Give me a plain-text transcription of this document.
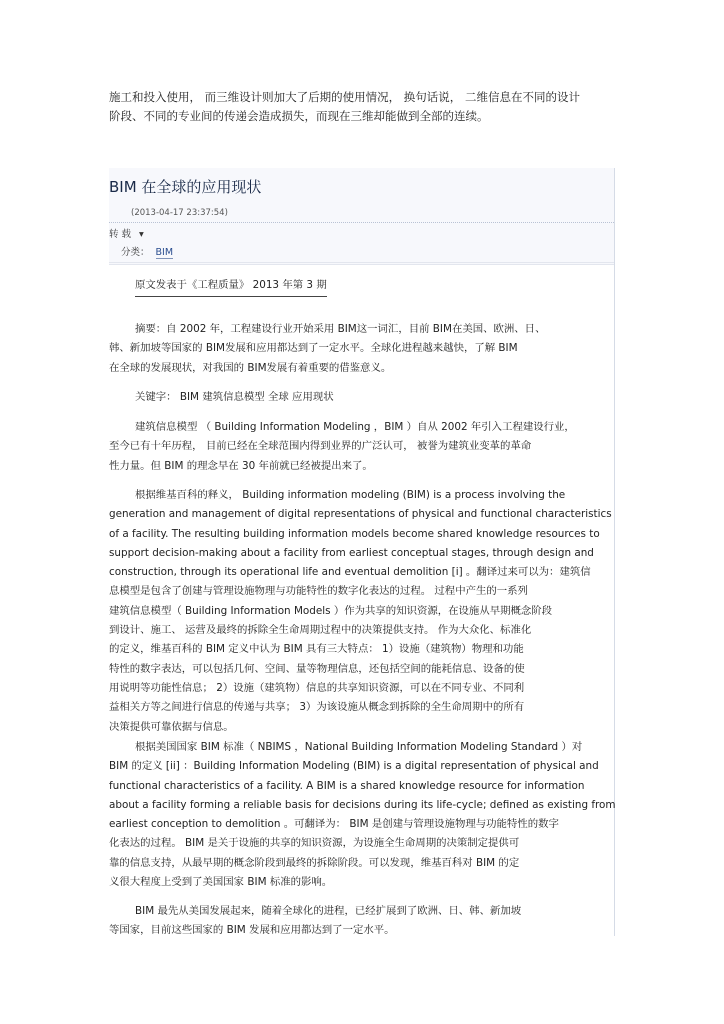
施工和投入使用， 而三维设计则加大了后期的使用情况， 换句话说， 二维信息在不同的设计

阶段、不同的专业间的传递会造成损失，而现在三维却能做到全部的连续。

BIM 在全球的应用现状
(2013-04-17 23:37:54)
转 载 ▾
分类： BIM

原文发表于《工程质量》 2013 年第 3 期

摘要：自 2002 年，工程建设行业开始采用 BIM这一词汇，目前 BIM在美国、欧洲、日、

韩、新加坡等国家的 BIM发展和应用都达到了一定水平。全球化进程越来越快，了解 BIM

在全球的发展现状，对我国的 BIM发展有着重要的借鉴意义。

关键字： BIM 建筑信息模型 全球 应用现状

建筑信息模型 （ Building Information Modeling ，BIM ）自从 2002 年引入工程建设行业，

至今已有十年历程， 目前已经在全球范围内得到业界的广泛认可， 被誉为建筑业变革的革命

性力量。但 BIM 的理念早在 30 年前就已经被提出来了。

根据维基百科的释义， Building information modeling (BIM) is a process involving the

generation and management of digital representations of physical and functional characteristics

of a facility. The resulting building information models become shared knowledge resources to

support decision-making about a facility from earliest conceptual stages, through design and

construction, through its operational life and eventual demolition [i] 。翻译过来可以为：建筑信

息模型是包含了创建与管理设施物理与功能特性的数字化表达的过程。 过程中产生的一系列

建筑信息模型（ Building Information Models ）作为共享的知识资源，在设施从早期概念阶段

到设计、施工、 运营及最终的拆除全生命周期过程中的决策提供支持。 作为大众化、标准化

的定义，维基百科的 BIM 定义中认为 BIM 具有三大特点： 1）设施（建筑物）物理和功能

特性的数字表达，可以包括几何、空间、量等物理信息，还包括空间的能耗信息、设备的使

用说明等功能性信息； 2）设施（建筑物）信息的共享知识资源，可以在不同专业、不同利

益相关方等之间进行信息的传递与共享； 3）为该设施从概念到拆除的全生命周期中的所有

决策提供可靠依据与信息。

根据美国国家 BIM 标准（ NBIMS ，National Building Information Modeling Standard ）对

BIM 的定义 [ii] ：Building Information Modeling (BIM) is a digital representation of physical and

functional characteristics of a facility. A BIM is a shared knowledge resource for information

about a facility forming a reliable basis for decisions during its life-cycle; defined as existing from

earliest conception to demolition 。可翻译为： BIM 是创建与管理设施物理与功能特性的数字

化表达的过程。 BIM 是关于设施的共享的知识资源，为设施全生命周期的决策制定提供可

靠的信息支持，从最早期的概念阶段到最终的拆除阶段。可以发现，维基百科对 BIM 的定

义很大程度上受到了美国国家 BIM 标准的影响。

BIM 最先从美国发展起来，随着全球化的进程，已经扩展到了欧洲、日、韩、新加坡

等国家，目前这些国家的 BIM 发展和应用都达到了一定水平。
